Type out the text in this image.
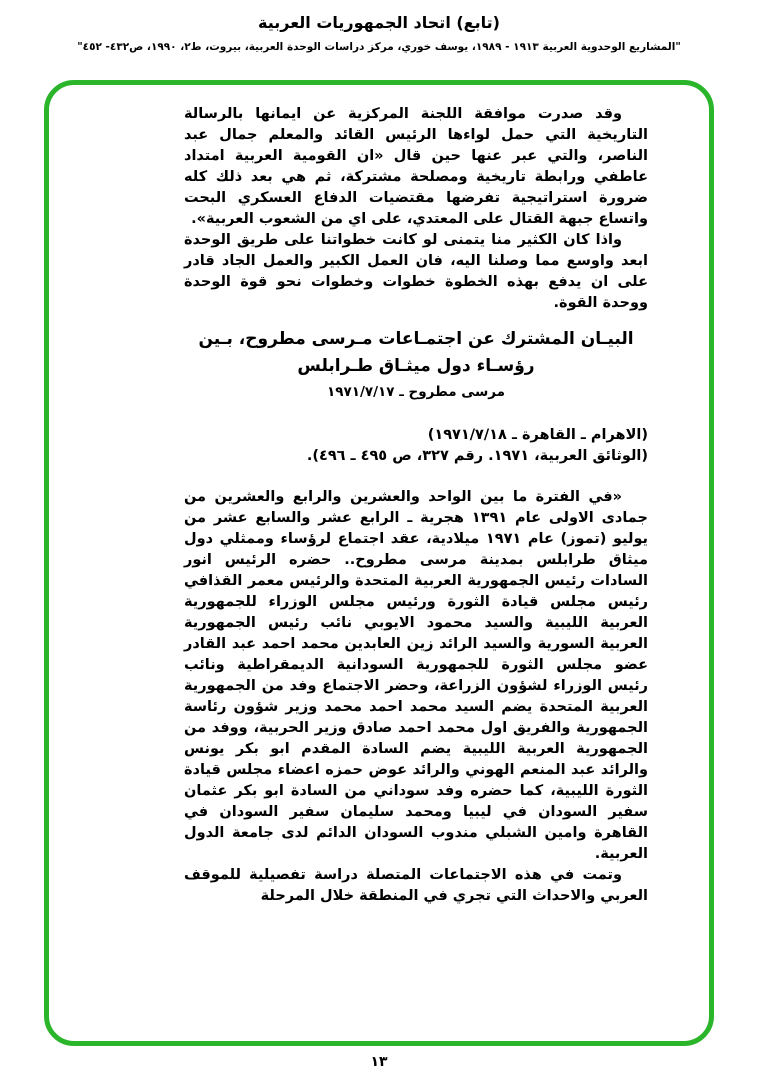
(تابع) اتحاد الجمهوريات العربية
"المشاريع الوحدوية العربية ١٩١٣ - ١٩٨٩، يوسف خوري، مركز دراسات الوحدة العربية، بيروت، ط٢، ١٩٩٠، ص٤٣٢- ٤٥٢"

وقد صدرت موافقة اللجنة المركزية عن ايمانها بالرسالة التاريخية التي حمل لواءها الرئيس القائد والمعلم جمال عبد الناصر، والتي عبر عنها حين قال «ان القومية العربية امتداد عاطفي ورابطة تاريخية ومصلحة مشتركة، ثم هي بعد ذلك كله ضرورة استراتيجية تفرضها مقتضيات الدفاع العسكري البحت واتساع جبهة القتال على المعتدي، على اي من الشعوب العربية».

واذا كان الكثير منا يتمنى لو كانت خطواتنا على طريق الوحدة ابعد واوسع مما وصلنا اليه، فان العمل الكبير والعمل الجاد قادر على ان يدفع بهذه الخطوة خطوات وخطوات نحو قوة الوحدة ووحدة القوة.

البيـان المشترك عن اجتمـاعات مـرسى مطروح، بـين رؤسـاء دول ميثـاق طـرابلس
مرسى مطروح ـ ١٩٧١/٧/١٧

(الاهرام ـ القاهرة ـ ١٩٧١/٧/١٨)

(الوثائق العربية، ١٩٧١. رقم ٣٢٧، ص ٤٩٥ ـ ٤٩٦).

«في الفترة ما بين الواحد والعشرين والرابع والعشرين من جمادى الاولى عام ١٣٩١ هجرية ـ الرابع عشر والسابع عشر من يوليو (تموز) عام ١٩٧١ ميلادية، عقد اجتماع لرؤساء وممثلي دول ميثاق طرابلس بمدينة مرسى مطروح.. حضره الرئيس انور السادات رئيس الجمهورية العربية المتحدة والرئيس معمر القذافي رئيس مجلس قيادة الثورة ورئيس مجلس الوزراء للجمهورية العربية الليبية والسيد محمود الايوبي نائب رئيس الجمهورية العربية السورية والسيد الرائد زين العابدين محمد احمد عبد القادر عضو مجلس الثورة للجمهورية السودانية الديمقراطية ونائب رئيس الوزراء لشؤون الزراعة، وحضر الاجتماع وفد من الجمهورية العربية المتحدة يضم السيد محمد احمد محمد وزير شؤون رئاسة الجمهورية والفريق اول محمد احمد صادق وزير الحربية، ووفد من الجمهورية العربية الليبية يضم السادة المقدم ابو بكر يونس والرائد عبد المنعم الهوني والرائد عوض حمزه اعضاء مجلس قيادة الثورة الليبية، كما حضره وفد سوداني من السادة ابو بكر عثمان سفير السودان في ليبيا ومحمد سليمان سفير السودان في القاهرة وامين الشبلي مندوب السودان الدائم لدى جامعة الدول العربية.

وتمت في هذه الاجتماعات المتصلة دراسة تفصيلية للموقف العربي والاحداث التي تجري في المنطقة خلال المرحلة

١٣
